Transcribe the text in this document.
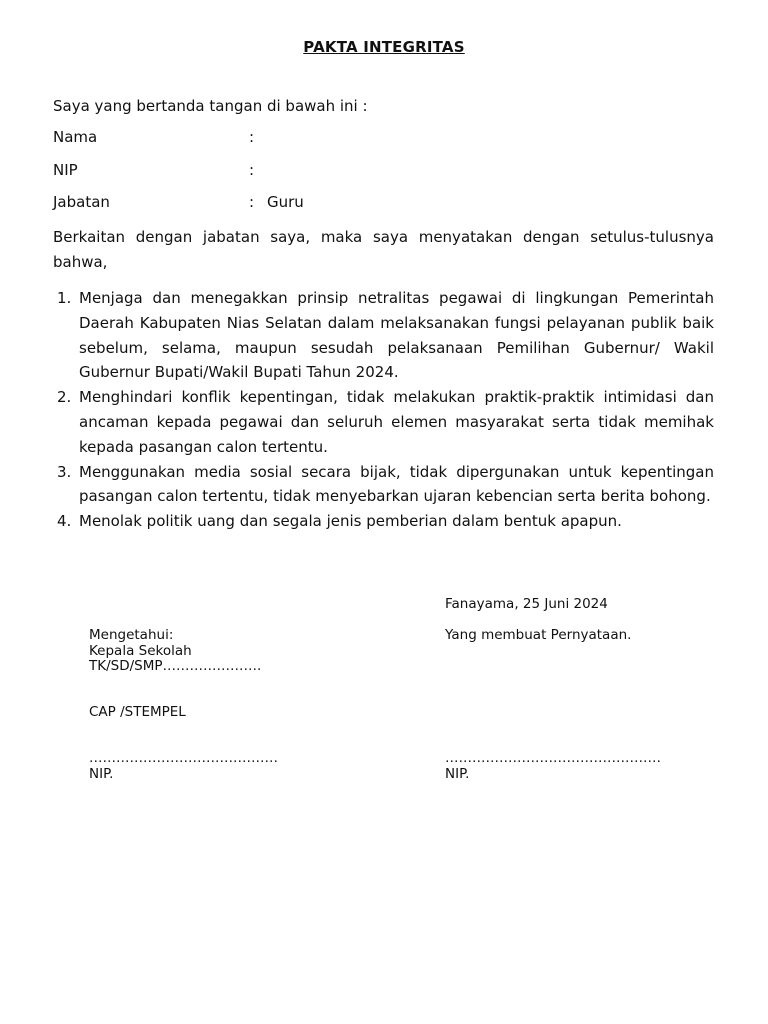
PAKTA INTEGRITAS
Saya yang bertanda tangan di bawah ini :
Nama	:
NIP	:
Jabatan	: Guru
Berkaitan dengan jabatan saya, maka saya menyatakan dengan setulus-tulusnya bahwa,
1. Menjaga dan menegakkan prinsip netralitas pegawai di lingkungan Pemerintah Daerah Kabupaten Nias Selatan dalam melaksanakan fungsi pelayanan publik baik sebelum, selama, maupun sesudah pelaksanaan Pemilihan Gubernur/ Wakil Gubernur Bupati/Wakil Bupati Tahun 2024.
2. Menghindari konflik kepentingan, tidak melakukan praktik-praktik intimidasi dan ancaman kepada pegawai dan seluruh elemen masyarakat serta tidak memihak kepada pasangan calon tertentu.
3. Menggunakan media sosial secara bijak, tidak dipergunakan untuk kepentingan pasangan calon tertentu, tidak menyebarkan ujaran kebencian serta berita bohong.
4. Menolak politik uang dan segala jenis pemberian dalam bentuk apapun.
Fanayama, 25 Juni 2024
Yang membuat Pernyataan.
…………………………………………
NIP.
Mengetahui:
Kepala Sekolah
TK/SD/SMP………………….
CAP /STEMPEL
……………………………………
NIP.
